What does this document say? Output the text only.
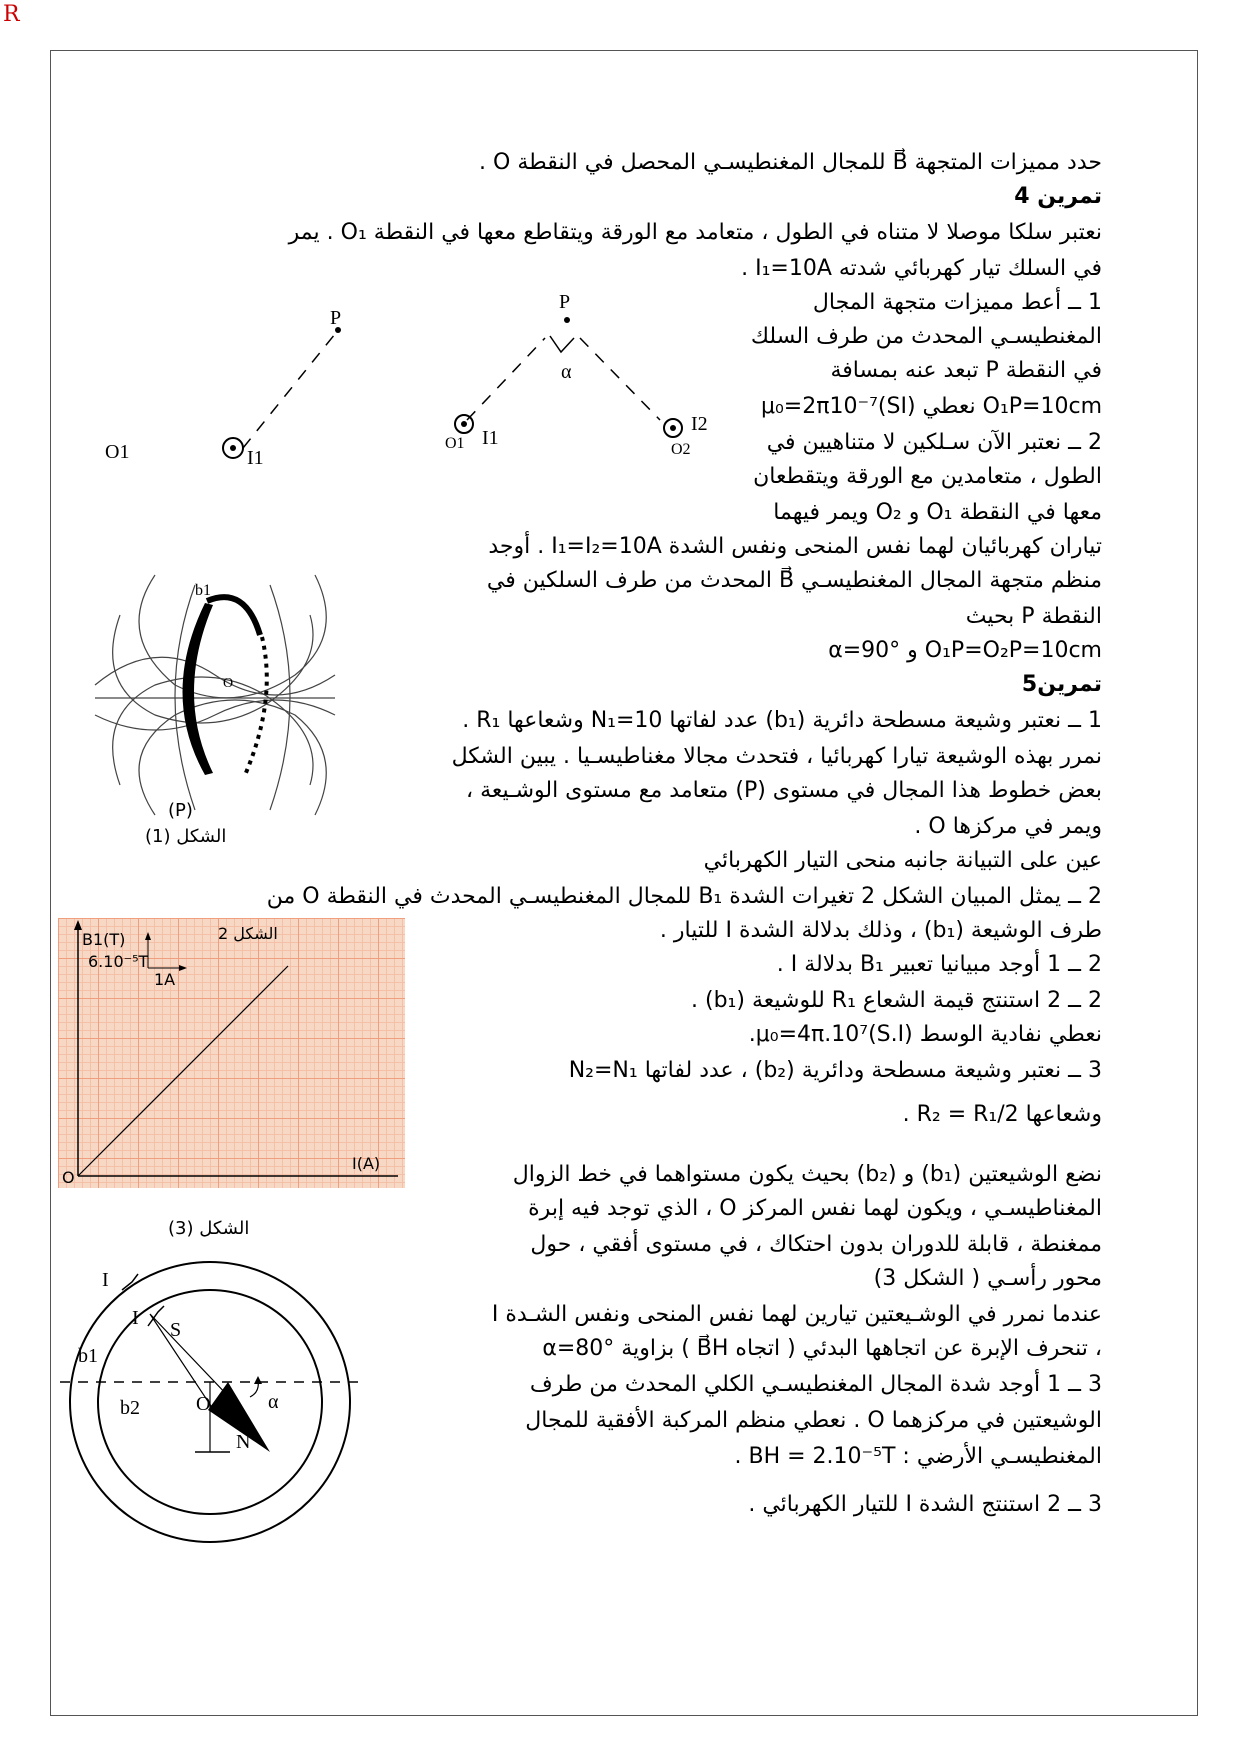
R
حدد مميزات المتجهة B⃗ للمجال المغنطيسـي المحصل في النقطة O .
تمرين 4
نعتبر سلكا موصلا لا متناه في الطول ، متعامد مع الورقة ويتقاطع معها في النقطة O₁ . يمر
في السلك تيار كهربائي شدته I₁=10A .
1 ــ أعط مميزات متجهة المجال
المغنطيسـي المحدث من طرف السلك
في النقطة P تبعد عنه بمسافة
O₁P=10cm نعطي μ₀=2π10⁻⁷(SI)
2 ــ نعتبر الآن سـلكين لا متناهيين في
الطول ، متعامدين مع الورقة ويتقطعان
معها في النقطة O₁ و O₂ ويمر فيهما
تياران كهربائيان لهما نفس المنحى ونفس الشدة I₁=I₂=10A . أوجد
منظم متجهة المجال المغنطيسـي B⃗ المحدث من طرف السلكين في
النقطة P بحيث
O₁P=O₂P=10cm و α=90°
تمرين5
1 ــ نعتبر وشيعة مسطحة دائرية (b₁) عدد لفاتها N₁=10 وشعاعها R₁ .
نمرر بهذه الوشيعة تيارا كهربائيا ، فتحدث مجالا مغناطيسـيا . يبين الشكل
بعض خطوط هذا المجال في مستوى (P) متعامد مع مستوى الوشـيعة ،
ويمر في مركزها O .
عين على التبيانة جانبه منحى التيار الكهربائي
2 ــ يمثل المبيان الشكل 2 تغيرات الشدة B₁ للمجال المغنطيسـي المحدث في النقطة O من
طرف الوشيعة (b₁) ، وذلك بدلالة الشدة I للتيار .
2 ــ 1 أوجد مبيانيا تعبير B₁ بدلالة I .
2 ــ 2 استنتج قيمة الشعاع R₁ للوشيعة (b₁) .
نعطي نفادية الوسط μ₀=4π.10⁷(S.I).
3 ــ نعتبر وشيعة مسطحة ودائرية (b₂) ، عدد لفاتها N₂=N₁
وشعاعها R₂ = R₁/2 .
نضع الوشيعتين (b₁) و (b₂) بحيث يكون مستواهما في خط الزوال
المغناطيسـي ، ويكون لهما نفس المركز O ، الذي توجد فيه إبرة
ممغنطة ، قابلة للدوران بدون احتكاك ، في مستوى أفقي ، حول
محور رأسـي ( الشكل 3)
عندما نمرر في الوشـيعتين تيارين لهما نفس المنحى ونفس الشـدة I
، تنحرف الإبرة عن اتجاهها البدئي ( اتجاه B⃗H ) بزاوية α=80°
3 ــ 1 أوجد شدة المجال المغنطيسـي الكلي المحدث من طرف
الوشيعتين في مركزهما O . نعطي منظم المركبة الأفقية للمجال
المغنطيسـي الأرضي : BH = 2.10⁻⁵T .
3 ــ 2 استنتج الشدة I للتيار الكهربائي .
P
O1	I1
P
α
O1 I1
I2
O2
b1
O
(P)
الشكل (1)
B1(T)
6.10⁻⁵T
1A
الشكل 2
I(A)
O
الشكل (3)
I
I
S
b1
b2	O	α
N
